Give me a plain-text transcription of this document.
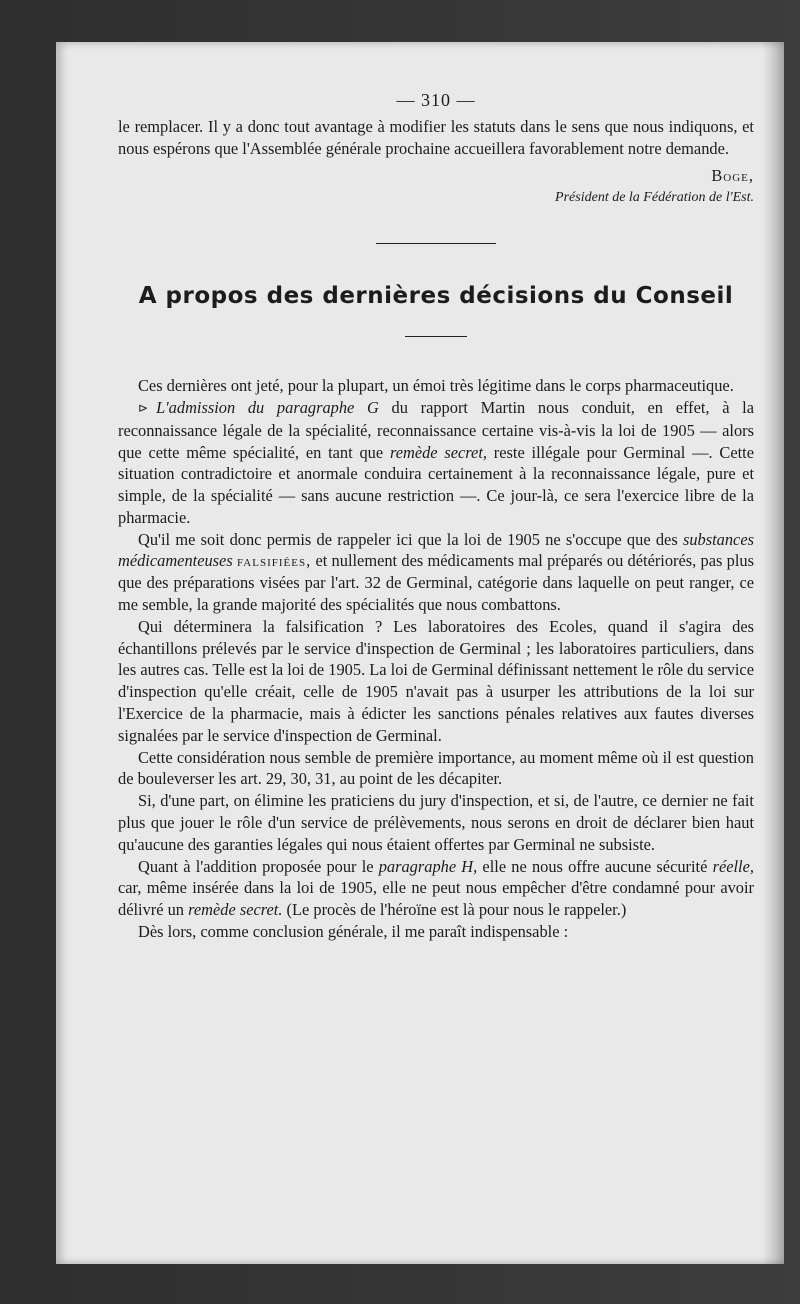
— 310 —

le remplacer. Il y a donc tout avantage à modifier les statuts dans le sens que nous indiquons, et nous espérons que l'Assemblée générale prochaine accueillera favorablement notre demande.

Boge,
Président de la Fédération de l'Est.
A propos des dernières décisions du Conseil

Ces dernières ont jeté, pour la plupart, un émoi très légitime dans le corps pharmaceutique.

⊳ L'admission du paragraphe G du rapport Martin nous conduit, en effet, à la reconnaissance légale de la spécialité, reconnaissance certaine vis-à-vis la loi de 1905 — alors que cette même spécialité, en tant que remède secret, reste illégale pour Germinal —. Cette situation contradictoire et anormale conduira certainement à la reconnaissance légale, pure et simple, de la spécialité — sans aucune restriction —. Ce jour-là, ce sera l'exercice libre de la pharmacie.

Qu'il me soit donc permis de rappeler ici que la loi de 1905 ne s'occupe que des substances médicamenteuses falsifiées, et nullement des médicaments mal préparés ou détériorés, pas plus que des préparations visées par l'art. 32 de Germinal, catégorie dans laquelle on peut ranger, ce me semble, la grande majorité des spécialités que nous combattons.

Qui déterminera la falsification ? Les laboratoires des Ecoles, quand il s'agira des échantillons prélevés par le service d'inspection de Germinal ; les laboratoires particuliers, dans les autres cas. Telle est la loi de 1905. La loi de Germinal définissant nettement le rôle du service d'inspection qu'elle créait, celle de 1905 n'avait pas à usurper les attributions de la loi sur l'Exercice de la pharmacie, mais à édicter les sanctions pénales relatives aux fautes diverses signalées par le service d'inspection de Germinal.

Cette considération nous semble de première importance, au moment même où il est question de bouleverser les art. 29, 30, 31, au point de les décapiter.

Si, d'une part, on élimine les praticiens du jury d'inspection, et si, de l'autre, ce dernier ne fait plus que jouer le rôle d'un service de prélèvements, nous serons en droit de déclarer bien haut qu'aucune des garanties légales qui nous étaient offertes par Germinal ne subsiste.

Quant à l'addition proposée pour le paragraphe H, elle ne nous offre aucune sécurité réelle, car, même insérée dans la loi de 1905, elle ne peut nous empêcher d'être condamné pour avoir délivré un remède secret. (Le procès de l'héroïne est là pour nous le rappeler.)

Dès lors, comme conclusion générale, il me paraît indispensable :
